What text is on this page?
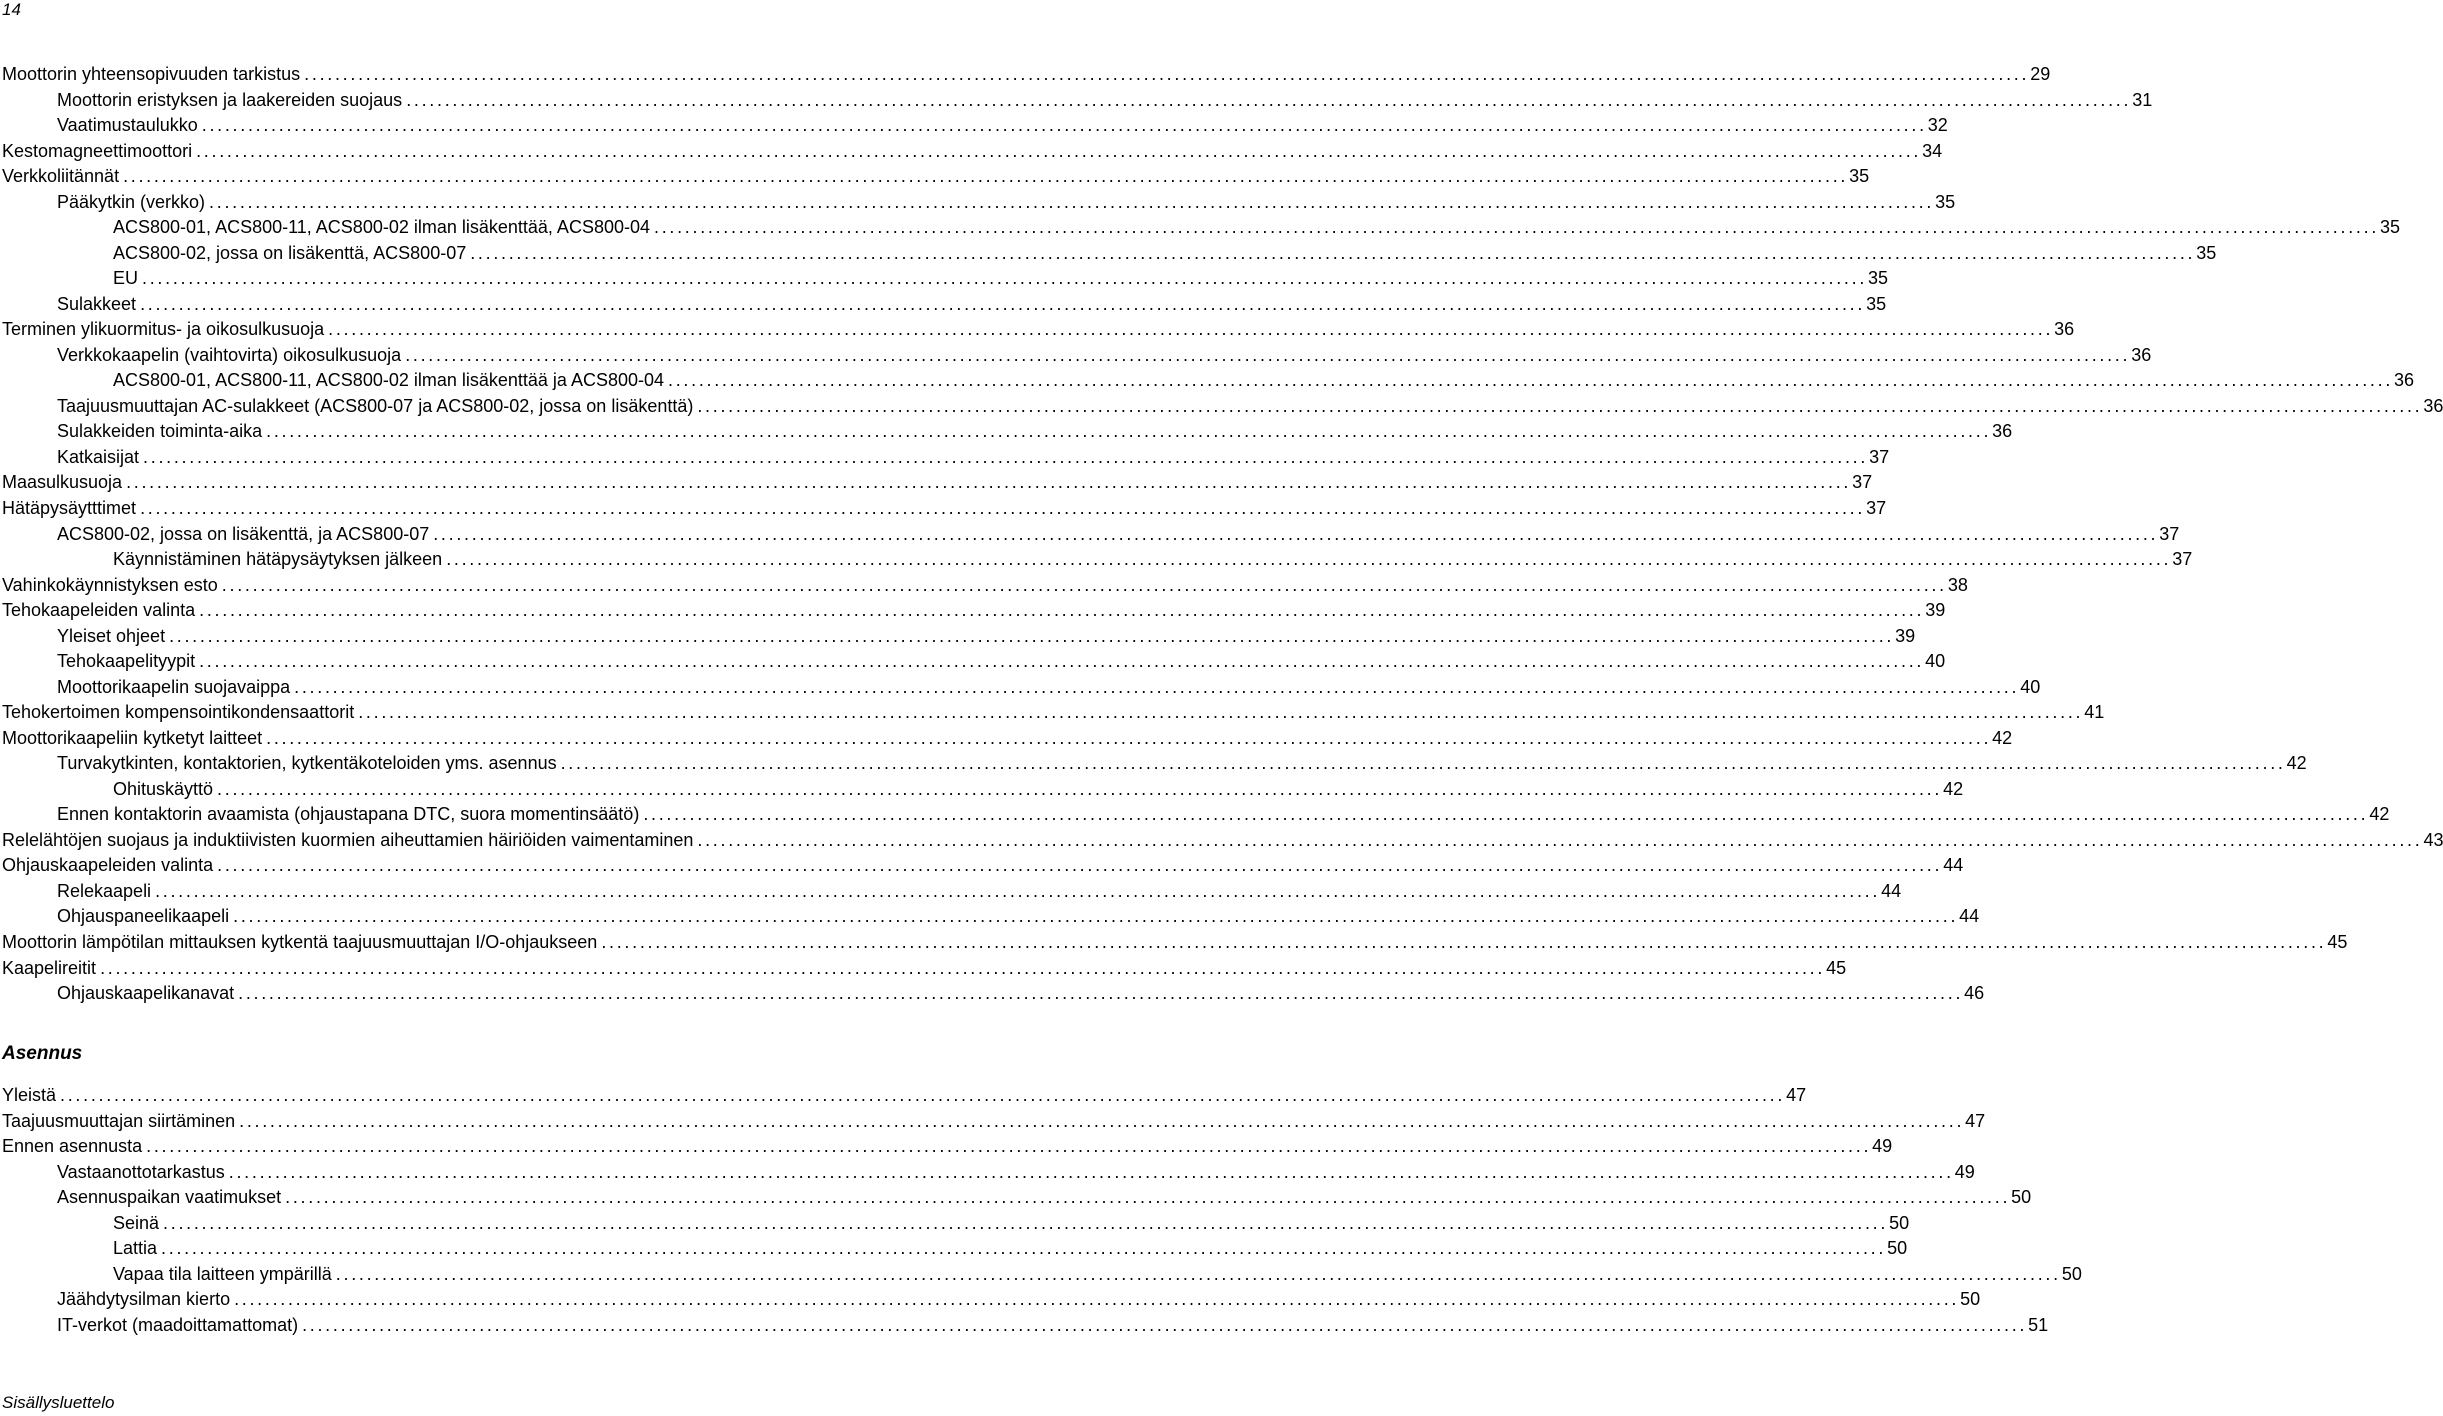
14
Moottorin yhteensopivuuden tarkistus .....	29
Moottorin eristyksen ja laakereiden suojaus .....	31
Vaatimustaulukko .....	32
Kestomagneettimoottori .....	34
Verkkoliitännät .....	35
Pääkytkin (verkko) .....	35
ACS800-01, ACS800-11, ACS800-02 ilman lisäkenttää, ACS800-04 .....	35
ACS800-02, jossa on lisäkenttä, ACS800-07 .....	35
EU .....	35
Sulakkeet .....	35
Terminen ylikuormitus- ja oikosulkusuoja .....	36
Verkkokaapelin (vaihtovirta) oikosulkusuoja .....	36
ACS800-01, ACS800-11, ACS800-02 ilman lisäkenttää ja ACS800-04 .....	36
Taajuusmuuttajan AC-sulakkeet (ACS800-07 ja ACS800-02, jossa on lisäkenttä) .....	36
Sulakkeiden toiminta-aika .....	36
Katkaisijat .....	37
Maasulkusuoja .....	37
Hätäpysäytttimet .....	37
ACS800-02, jossa on lisäkenttä, ja ACS800-07 .....	37
Käynnistäminen hätäpysäytyksen jälkeen .....	37
Vahinkokäynnistyksen esto .....	38
Tehokaapeleiden valinta .....	39
Yleiset ohjeet .....	39
Tehokaapelityypit .....	40
Moottorikaapelin suojavaippa .....	40
Tehokertoimen kompensointikondensaattorit .....	41
Moottorikaapeliin kytketyt laitteet .....	42
Turvakytkinten, kontaktorien, kytkentäkoteloiden yms. asennus .....	42
Ohituskäyttö .....	42
Ennen kontaktorin avaamista (ohjaustapana DTC, suora momentinsäätö) .....	42
Relelähtöjen suojaus ja induktiivisten kuormien aiheuttamien häiriöiden vaimentaminen .....	43
Ohjauskaapeleiden valinta .....	44
Relekaapeli .....	44
Ohjauspaneelikaapeli .....	44
Moottorin lämpötilan mittauksen kytkentä taajuusmuuttajan I/O-ohjaukseen .....	45
Kaapelireitit .....	45
Ohjauskaapelikanavat .....	46
Asennus
Yleistä .....	47
Taajuusmuuttajan siirtäminen .....	47
Ennen asennusta .....	49
Vastaanottotarkastus .....	49
Asennuspaikan vaatimukset .....	50
Seinä .....	50
Lattia .....	50
Vapaa tila laitteen ympärillä .....	50
Jäähdytysilman kierto .....	50
IT-verkot (maadoittamattomat) .....	51
Sisällysluettelo
